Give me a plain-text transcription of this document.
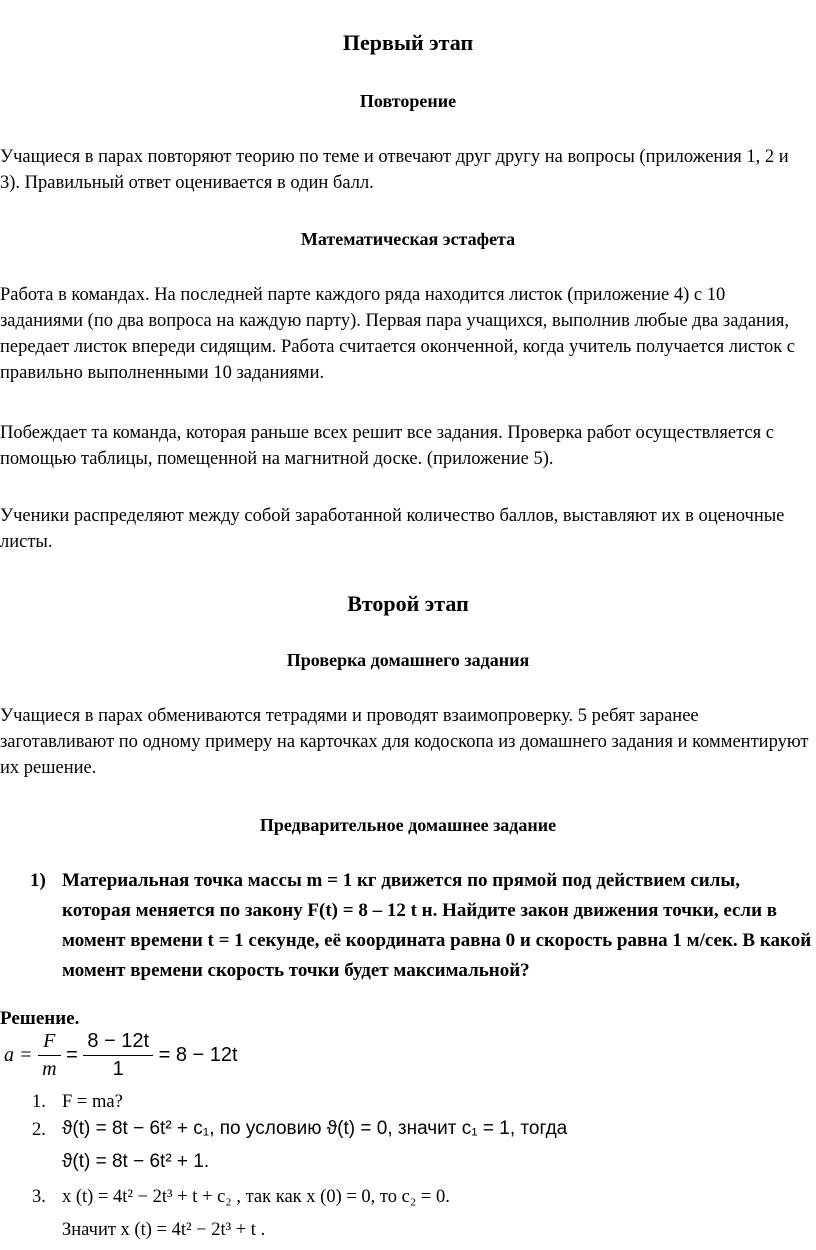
Первый этап
Повторение

Учащиеся в парах повторяют теорию по теме и отвечают друг другу на вопросы (приложения 1, 2 и 3). Правильный ответ оценивается в один балл.

Математическая эстафета

Работа в командах. На последней парте каждого ряда находится листок (приложение 4) с 10 заданиями (по два вопроса на каждую парту). Первая пара учащихся, выполнив любые два задания, передает листок впереди сидящим. Работа считается оконченной, когда учитель получается листок с правильно выполненными 10 заданиями.

Побеждает та команда, которая раньше всех решит все задания. Проверка работ осуществляется с помощью таблицы, помещенной на магнитной доске. (приложение 5).

Ученики распределяют между собой заработанной количество баллов, выставляют их в оценочные листы.

Второй этап
Проверка домашнего задания

Учащиеся в парах обмениваются тетрадями и проводят взаимопроверку. 5 ребят заранее заготавливают по одному примеру на карточках для кодоскопа из домашнего задания и комментируют их решение.

Предварительное домашнее задание
1) Материальная точка массы m = 1 кг движется по прямой под действием силы, которая меняется по закону F(t) = 8 – 12 t н. Найдите закон движения точки, если в момент времени t = 1 секунде, её координата равна 0 и скорость равна 1 м/сек. В какой момент времени скорость точки будет максимальной?

Решение.
$a = \frac{F}{m} = \frac{8 - 12t}{1} = 8 - 12t$
1. F = ma?
2. ϑ(t) = 8t − 6t² + c₁, по условию ϑ(t) = 0, значит c₁ = 1, тогда
ϑ(t) = 8t − 6t² + 1.
3. x (t) = 4t² − 2t³ + t + c₂ , так как x (0) = 0, то c₂ = 0.
Значит x (t) = 4t² − 2t³ + t .
